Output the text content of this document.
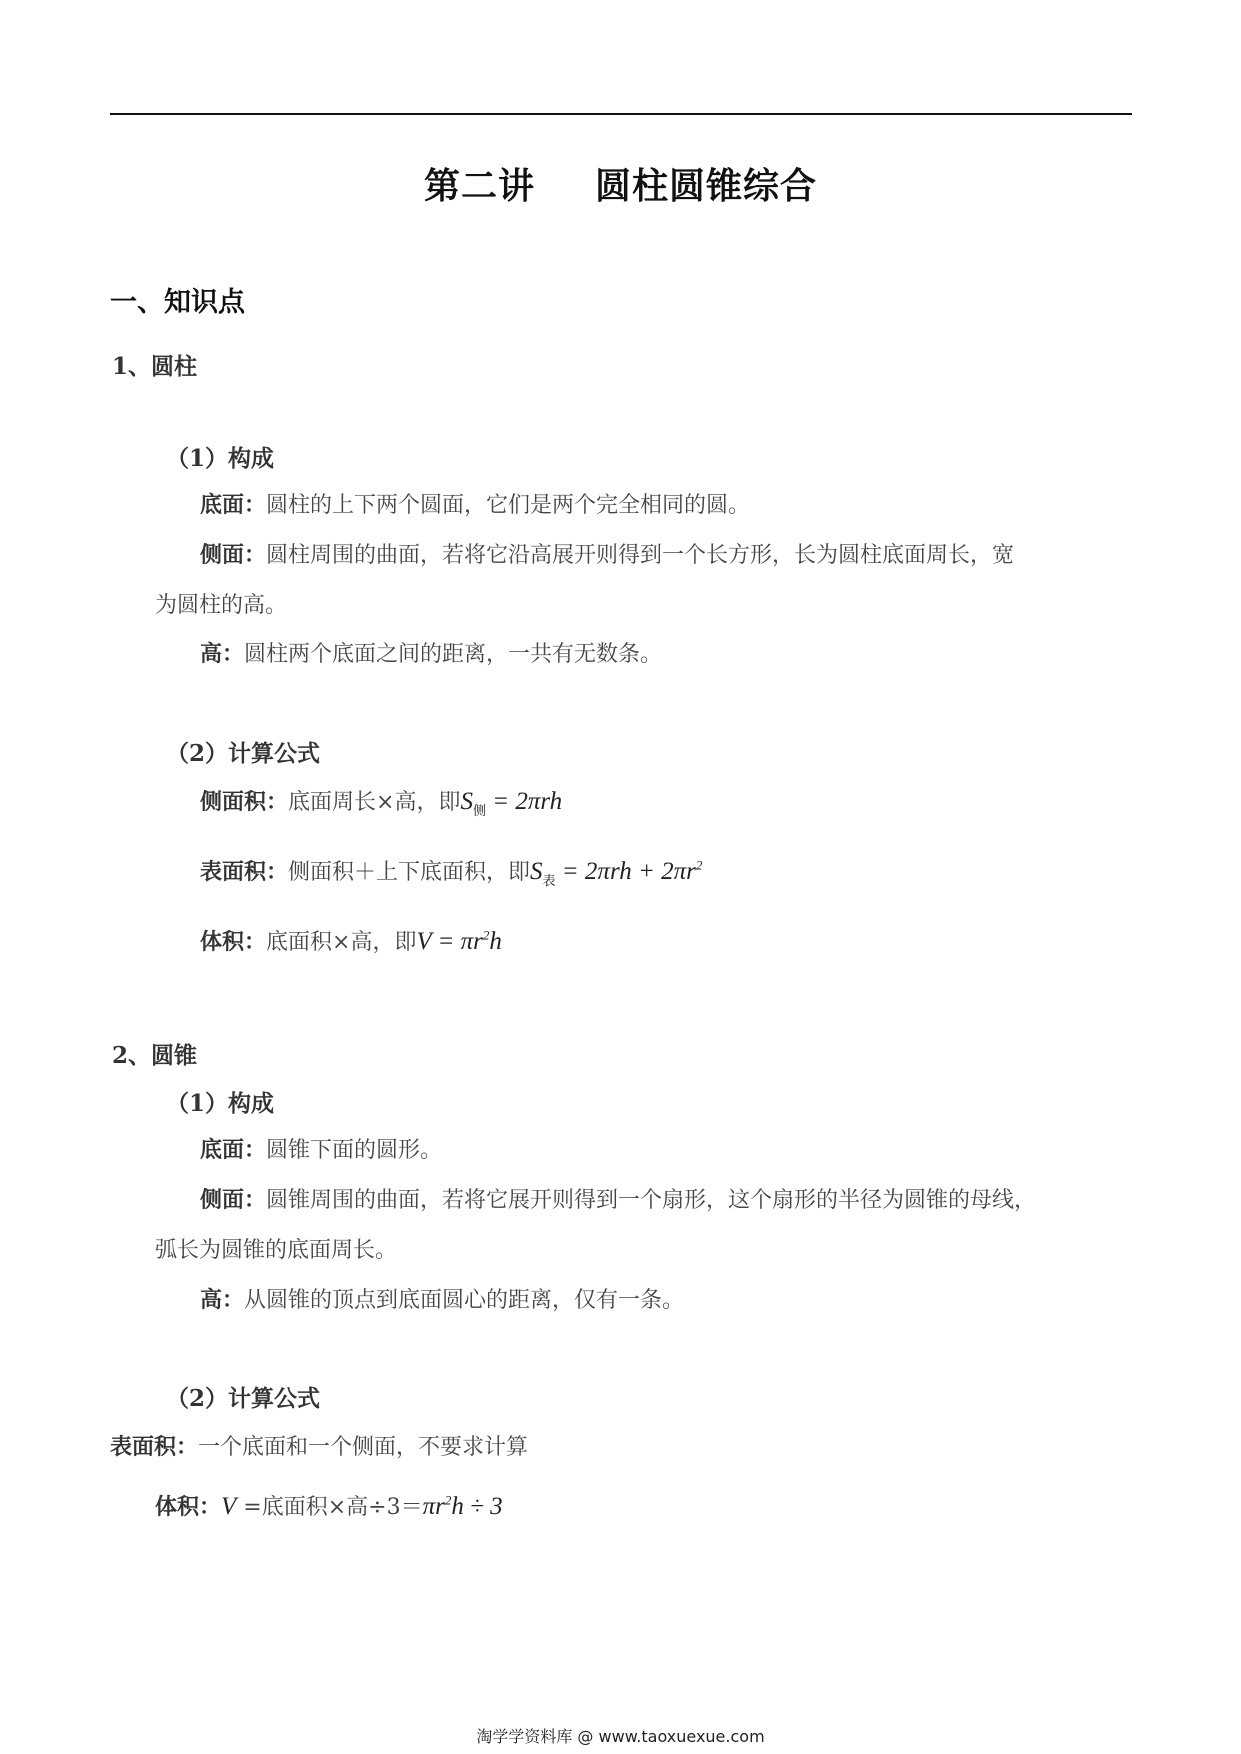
第二讲 圆柱圆锥综合
一、知识点
1、圆柱
（1）构成
底面：圆柱的上下两个圆面，它们是两个完全相同的圆。
侧面：圆柱周围的曲面，若将它沿高展开则得到一个长方形，长为圆柱底面周长，宽
为圆柱的高。
高：圆柱两个底面之间的距离，一共有无数条。
（2）计算公式
侧面积：底面周长×高，即$S_侧 = 2\pi rh$
表面积：侧面积＋上下底面积，即$S_表 = 2\pi rh + 2\pi r^2$
体积：底面积×高，即$V = \pi r^2h$
2、圆锥
（1）构成
底面：圆锥下面的圆形。
侧面：圆锥周围的曲面，若将它展开则得到一个扇形，这个扇形的半径为圆锥的母线，
弧长为圆锥的底面周长。
高：从圆锥的顶点到底面圆心的距离，仅有一条。
（2）计算公式
表面积：一个底面和一个侧面，不要求计算
体积：V =底面积×高$\div 3=\pi r^2h \div 3$
淘学学资料库 @ www.taoxuexue.com
